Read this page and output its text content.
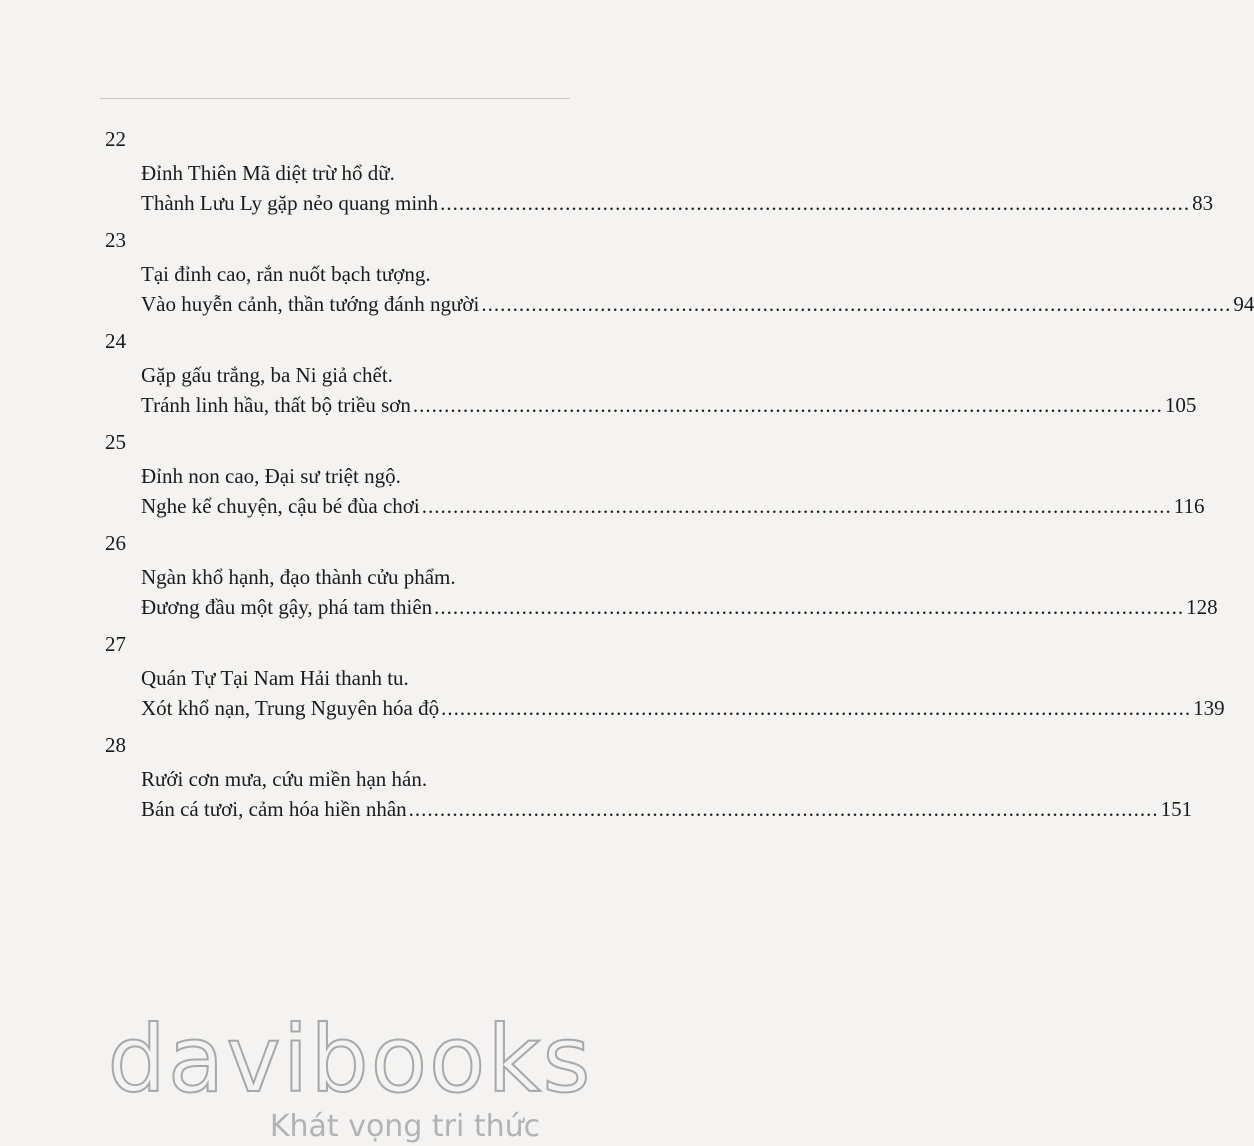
22
Đỉnh Thiên Mã diệt trừ hổ dữ.
Thành Lưu Ly gặp nẻo quang minh ........................................................................................................................ 83
23
Tại đỉnh cao, rắn nuốt bạch tượng.
Vào huyễn cảnh, thần tướng đánh người ........................................................................................................................ 94
24
Gặp gấu trắng, ba Ni giả chết.
Tránh linh hầu, thất bộ triều sơn ........................................................................................................................ 105
25
Đỉnh non cao, Đại sư triệt ngộ.
Nghe kể chuyện, cậu bé đùa chơi ........................................................................................................................ 116
26
Ngàn khổ hạnh, đạo thành cửu phẩm.
Đương đầu một gậy, phá tam thiên ........................................................................................................................ 128
27
Quán Tự Tại Nam Hải thanh tu.
Xót khổ nạn, Trung Nguyên hóa độ ........................................................................................................................ 139
28
Rưới cơn mưa, cứu miền hạn hán.
Bán cá tươi, cảm hóa hiền nhân ........................................................................................................................ 151
davibooks
Khát vọng tri thức
